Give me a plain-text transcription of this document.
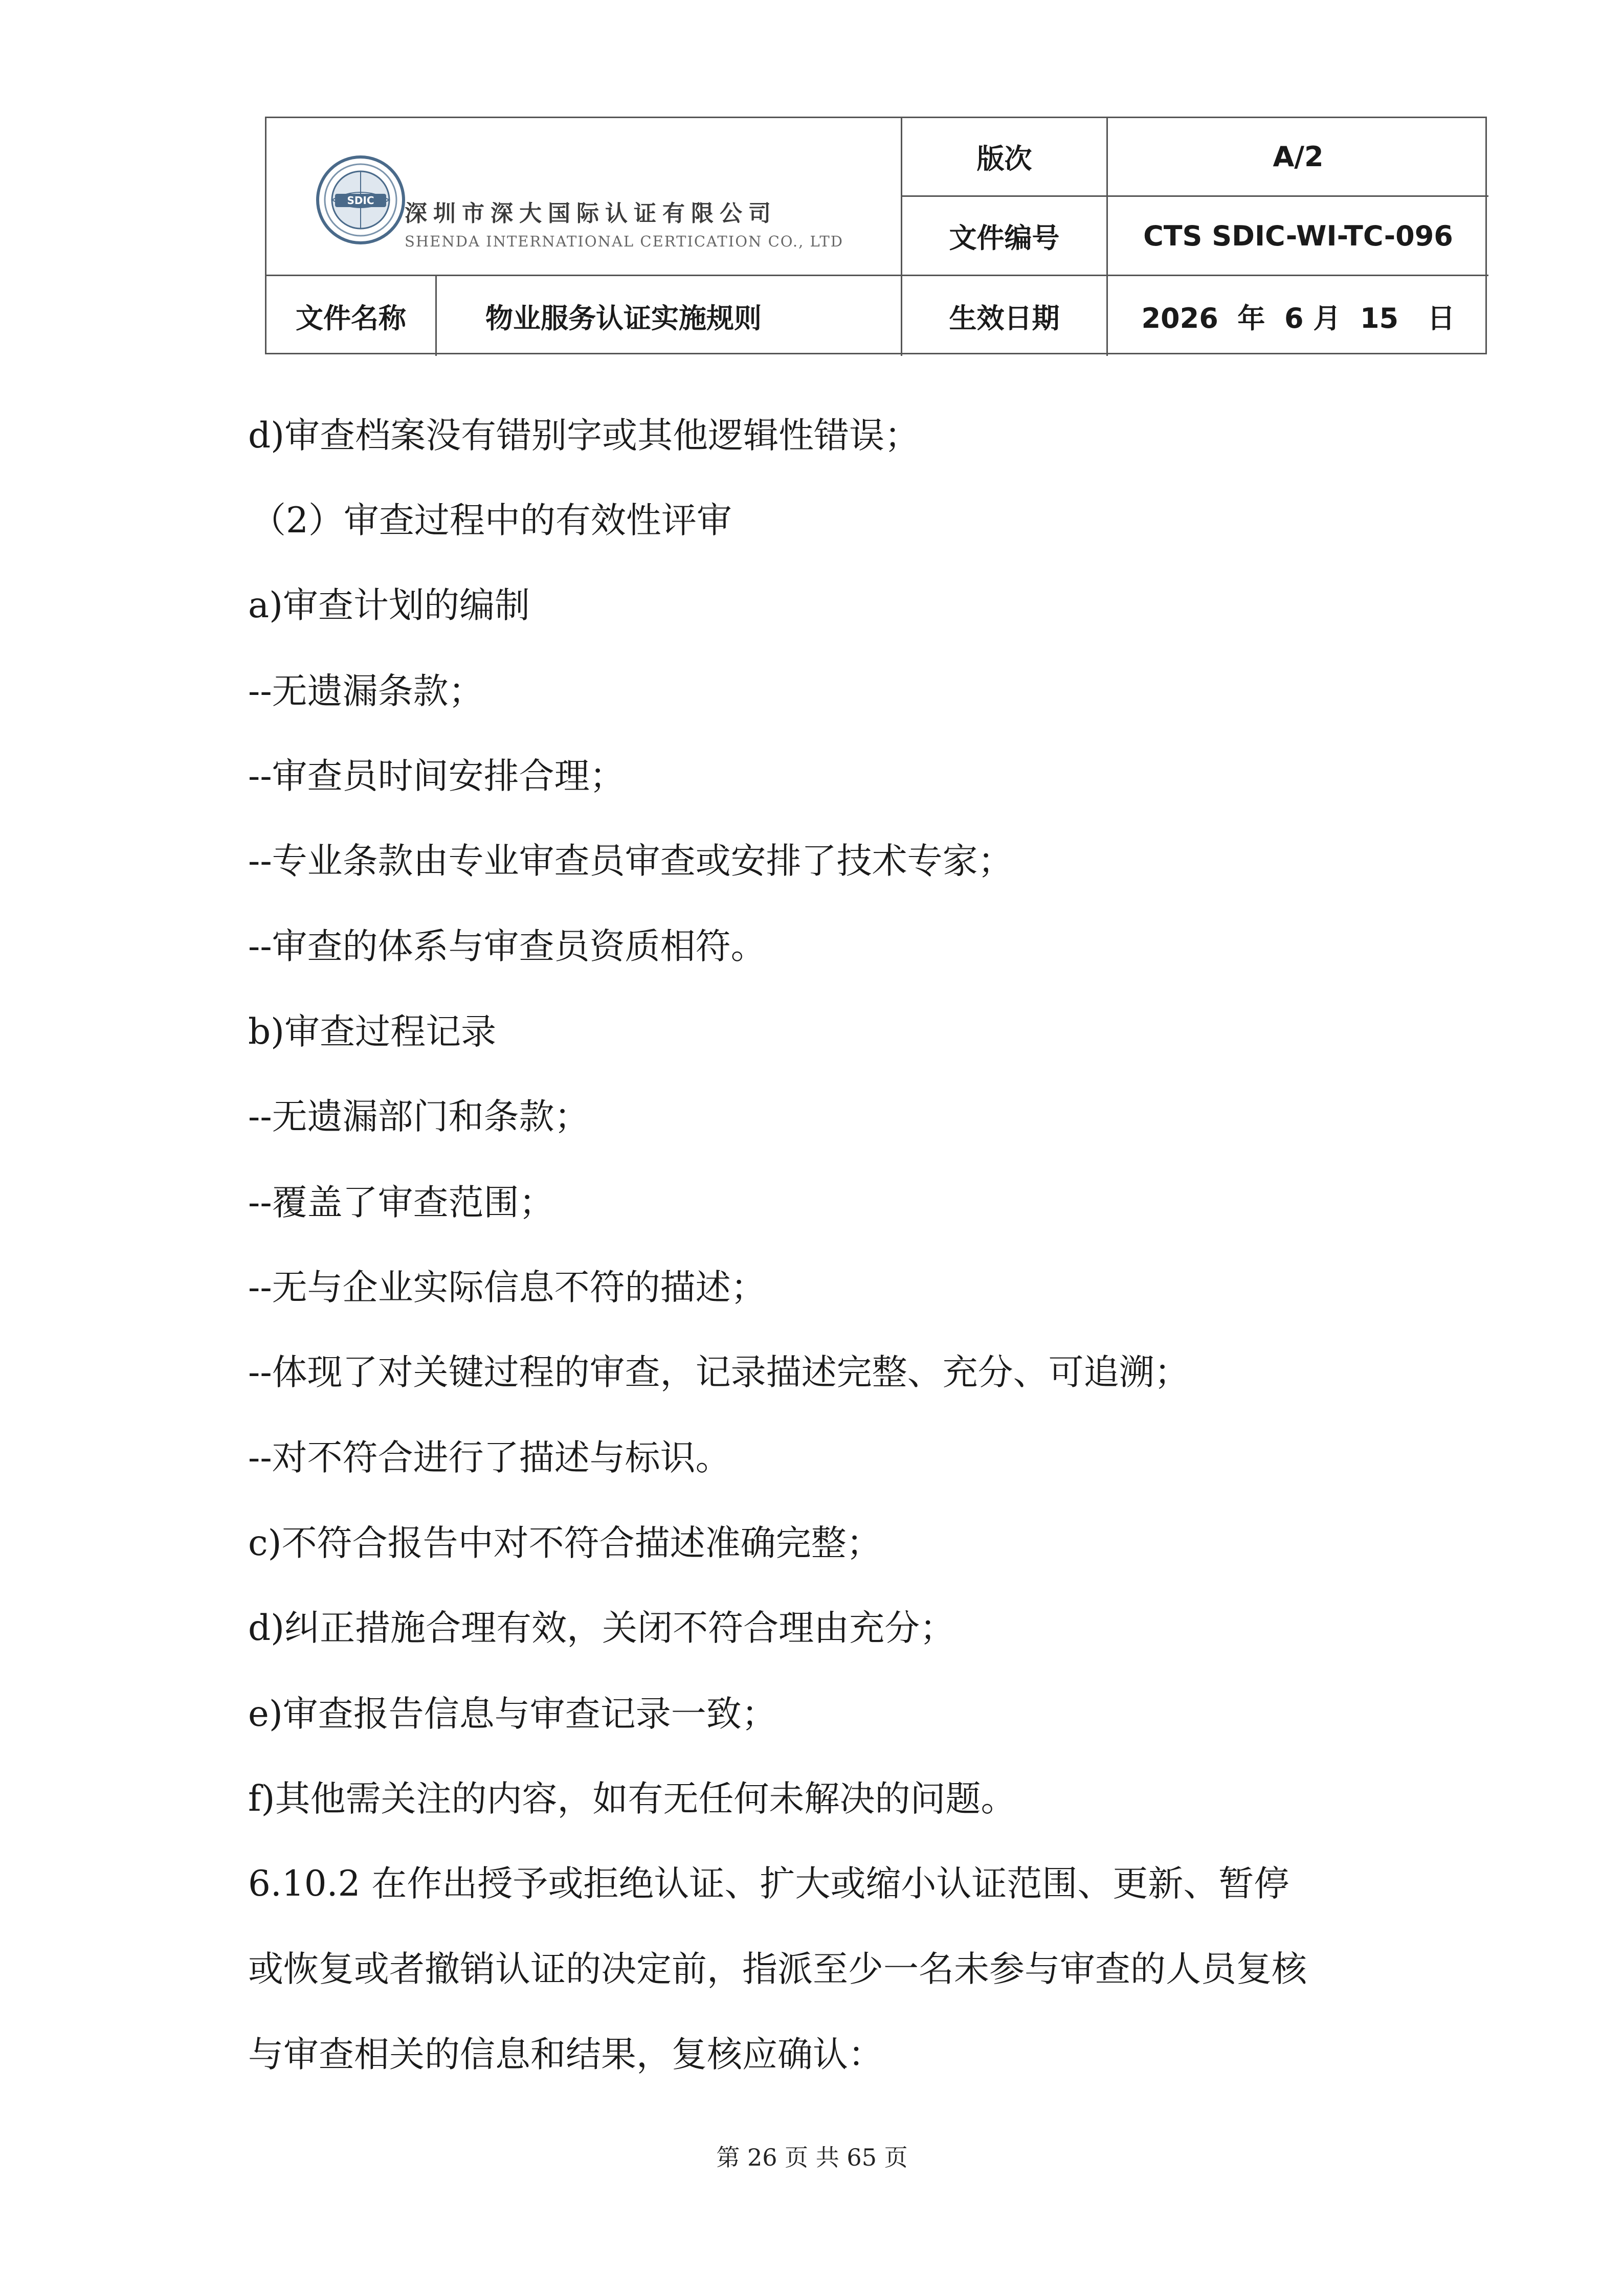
SDIC 深圳市深大国际认证有限公司
SHENDA INTERNATIONAL CERTICATION CO., LTD
版次	A/2
文件编号	CTS SDIC-WI-TC-096
文件名称	物业服务认证实施规则	生效日期	2026  年  6 月  15   日
d)审查档案没有错别字或其他逻辑性错误；
（2）审查过程中的有效性评审
a)审查计划的编制
--无遗漏条款；
--审查员时间安排合理；
--专业条款由专业审查员审查或安排了技术专家；
--审查的体系与审查员资质相符。
b)审查过程记录
--无遗漏部门和条款；
--覆盖了审查范围；
--无与企业实际信息不符的描述；
--体现了对关键过程的审查，记录描述完整、充分、可追溯；
--对不符合进行了描述与标识。
c)不符合报告中对不符合描述准确完整；
d)纠正措施合理有效，关闭不符合理由充分；
e)审查报告信息与审查记录一致；
f)其他需关注的内容，如有无任何未解决的问题。
6.10.2 在作出授予或拒绝认证、扩大或缩小认证范围、更新、暂停
或恢复或者撤销认证的决定前，指派至少一名未参与审查的人员复核
与审查相关的信息和结果，复核应确认：
第 26 页 共 65 页
